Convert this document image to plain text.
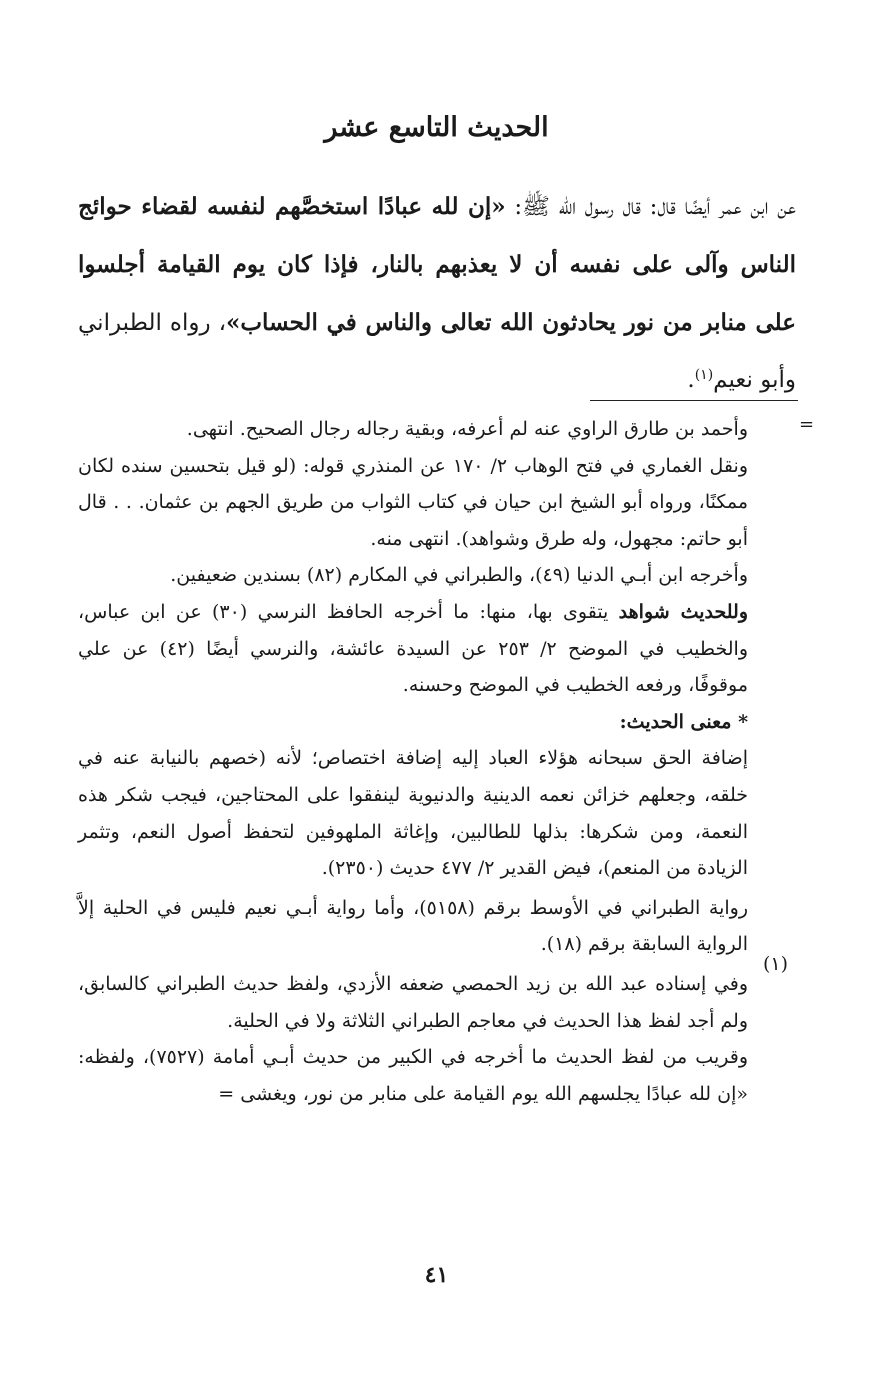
الحديث التاسع عشر
عن ابن عمر أيضًا قال: قال رسول الله ﷺ: «إن لله عبادًا استخصَّهم لنفسه لقضاء حوائج الناس وآلى على نفسه أن لا يعذبهم بالنار، فإذا كان يوم القيامة أجلسوا على منابر من نور يحادثون الله تعالى والناس في الحساب»، رواه الطبراني وأبو نعيم$^{(١)}$.
=

وأحمد بن طارق الراوي عنه لم أعرفه، وبقية رجاله رجال الصحيح. انتهى.

ونقل الغماري في فتح الوهاب ٢/ ١٧٠ عن المنذري قوله: (لو قيل بتحسين سنده لكان ممكنًا، ورواه أبو الشيخ ابن حيان في كتاب الثواب من طريق الجهم بن عثمان. . . قال أبو حاتم: مجهول، وله طرق وشواهد). انتهى منه.

وأخرجه ابن أبـي الدنيا (٤٩)، والطبراني في المكارم (٨٢) بسندين ضعيفين.

وللحديث شواهد يتقوى بها، منها: ما أخرجه الحافظ النرسي (٣٠) عن ابن عباس، والخطيب في الموضح ٢/ ٢٥٣ عن السيدة عائشة، والنرسي أيضًا (٤٢) عن علي موقوفًا، ورفعه الخطيب في الموضح وحسنه.

* معنى الحديث:

إضافة الحق سبحانه هؤلاء العباد إليه إضافة اختصاص؛ لأنه (خصهم بالنيابة عنه في خلقه، وجعلهم خزائن نعمه الدينية والدنيوية لينفقوا على المحتاجين، فيجب شكر هذه النعمة، ومن شكرها: بذلها للطالبين، وإغاثة الملهوفين لتحفظ أصول النعم، وتثمر الزيادة من المنعم)، فيض القدير ٢/ ٤٧٧ حديث (٢٣٥٠).

رواية الطبراني في الأوسط برقم (٥١٥٨)، وأما رواية أبـي نعيم فليس في الحلية إلاَّ الرواية السابقة برقم (١٨).

وفي إسناده عبد الله بن زيد الحمصي ضعفه الأزدي، ولفظ حديث الطبراني كالسابق، ولم أجد لفظ هذا الحديث في معاجم الطبراني الثلاثة ولا في الحلية.

وقريب من لفظ الحديث ما أخرجه في الكبير من حديث أبـي أمامة (٧٥٢٧)، ولفظه: «إن لله عبادًا يجلسهم الله يوم القيامة على منابر من نور، ويغشى =

(١)
٤١
